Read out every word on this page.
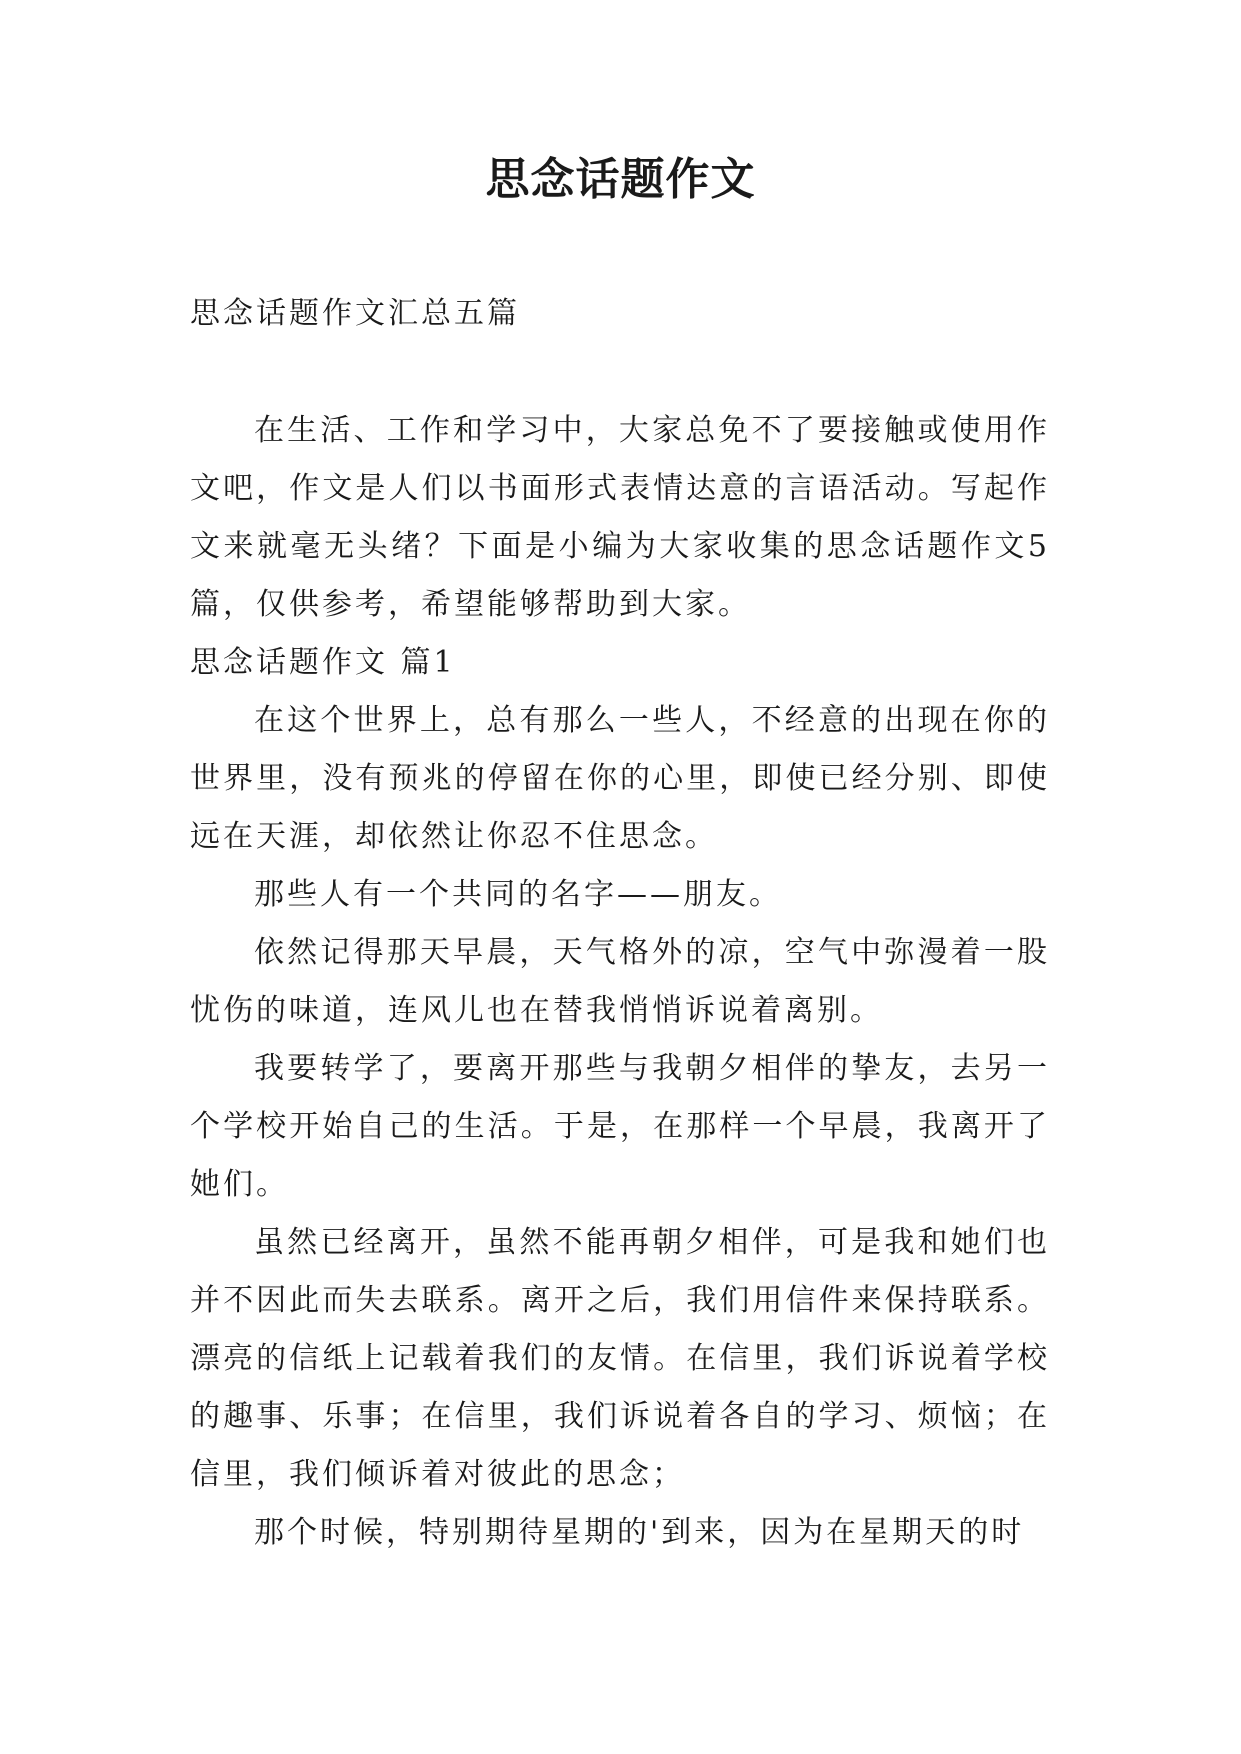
思念话题作文
思念话题作文汇总五篇

在生活、工作和学习中，大家总免不了要接触或使用作文吧，作文是人们以书面形式表情达意的言语活动。写起作文来就毫无头绪？下面是小编为大家收集的思念话题作文5篇，仅供参考，希望能够帮助到大家。

思念话题作文 篇1

在这个世界上，总有那么一些人，不经意的出现在你的世界里，没有预兆的停留在你的心里，即使已经分别、即使远在天涯，却依然让你忍不住思念。

那些人有一个共同的名字——朋友。

依然记得那天早晨，天气格外的凉，空气中弥漫着一股忧伤的味道，连风儿也在替我悄悄诉说着离别。

我要转学了，要离开那些与我朝夕相伴的挚友，去另一个学校开始自己的生活。于是，在那样一个早晨，我离开了她们。

虽然已经离开，虽然不能再朝夕相伴，可是我和她们也并不因此而失去联系。离开之后，我们用信件来保持联系。漂亮的信纸上记载着我们的友情。在信里，我们诉说着学校的趣事、乐事；在信里，我们诉说着各自的学习、烦恼；在信里，我们倾诉着对彼此的思念；

那个时候，特别期待星期的'到来，因为在星期天的时
